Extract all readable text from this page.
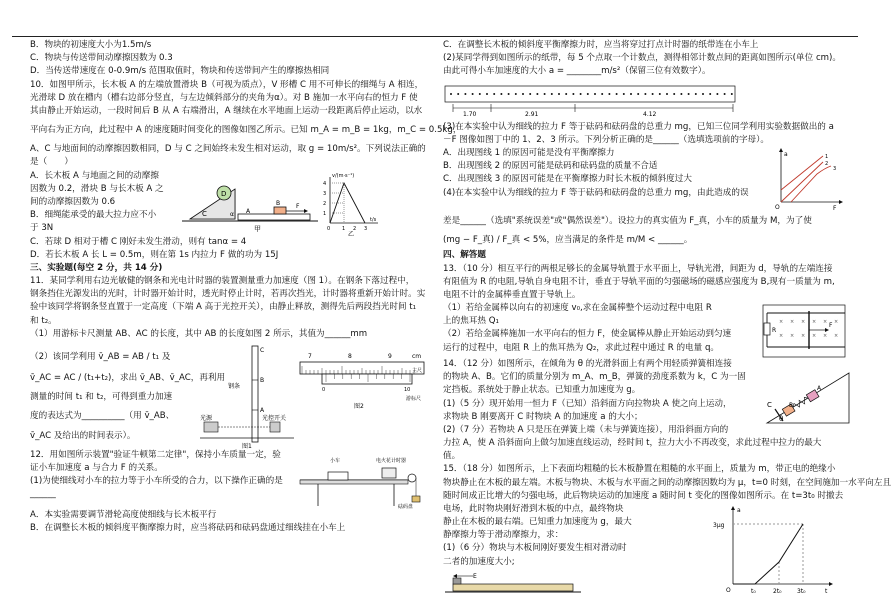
B．物块的初速度大小为1.5m/s
C．物块与传送带间动摩擦因数为 0.3
D．当传送带速度在 0-0.9m/s 范围取值时，物块和传送带间产生的摩擦热相同
10．如图甲所示，长木板 A 的左端放置滑块 B（可视为质点），V 形槽 C 用不可伸长的细绳与 A 相连，
光滑球 D 放在槽内（槽右边部分竖直，与左边倾斜部分的夹角为α）。对 B 施加一水平向右的恒力 F 使
其由静止开始运动，一段时间后 B 从 A 右端滑出，A 继续在水平地面上运动一段距离后停止运动，以水
平向右为正方向，此过程中 A 的速度随时间变化的图像如图乙所示。已知 m_A = m_B = 1kg，m_C = 0.5kg，
A、C 与地面间的动摩擦因数相同，D 与 C 之间始终未发生相对运动，取 g = 10m/s²。下列说法正确的
是（　　）
A．长木板 A 与地面之间的动摩擦
因数为 0.2，滑块 B 与长木板 A 之
间的动摩擦因数为 0.6
B．细绳能承受的最大拉力应不小
于 3N
D
C
B
A
F
α
甲
v/(m·s⁻¹)
4
3
2
1
0 1 2 3
t/s
乙
C．若球 D 相对于槽 C 刚好未发生滑动，则有 tanα = 4
D．若长木板 A 长 L = 0.5m，则在第 1s 内拉力 F 做的功为 15J
三、实验题(每空 2 分，共 14 分)
11．某同学利用右边光敏健的钢条和光电计时器的装置测量重力加速度（图 1）。在钢条下落过程中，
钢条挡住光源发出的光时，计时器开始计时，透光时停止计时，若再次挡光，计时器将重新开始计时。实
验中该同学将钢条竖直置于一定高度（下端 A 高于光控开关），由静止释放，测得先后两段挡光时间 t₁
和 t₂。
（1）用游标卡尺测量 AB、AC 的长度，其中 AB 的长度如图 2 所示，其值为______mm
（2）该同学利用 v̄_AB = AB / t₁ 及
v̄_AC = AC / (t₁+t₂)，求出 v̄_AB、v̄_AC，再利用
测量的时间 t₁ 和 t₂，可得到重力加速
度的表达式为__________（用 v̄_AB、
v̄_AC 及给出的时间表示）。
C
B
A
钢条
光源	光控开关
图1
7	8	9	cm
0	10
游标尺
主尺
图2
12．用如图所示装置"验证牛顿第二定律"，保持小车质量一定，验
证小车加速度 a 与合力 F 的关系。
(1)为使细线对小车的拉力等于小车所受的合力，以下操作正确的是
______
小车	电火花计时器
砝码盘
A．本实验需要调节滑轮高度使细线与长木板平行
B．在调整长木板的倾斜度平衡摩擦力时，应当将砝码和砝码盘通过细线挂在小车上
C．在调整长木板的倾斜度平衡摩擦力时，应当将穿过打点计时器的纸带连在小车上
(2)某同学得到如图所示的纸带，每 5 个点取一个计数点，测得相邻计数点间的距离如图所示(单位 cm)。
由此可得小车加速度的大小 a = ________m/s²（保留三位有效数字）。
1.70	2.91	4.12
(3)在本实验中认为细线的拉力 F 等于砝码和砝码盘的总重力 mg，已知三位同学利用实验数据做出的 a
－F 图像如图丁中的 1、2、3 所示。下列分析正确的是______（选填选项前的字母）。
A．出现图线 1 的原因可能是没有平衡摩擦力
B．出现图线 2 的原因可能是砝码和砝码盘的质量不合适
C．出现图线 3 的原因可能是在平衡摩擦力时长木板的倾斜度过大
(4)在本实验中认为细线的拉力 F 等于砝码和砝码盘的总重力 mg，由此造成的误
1
2
3
a
F
O
差是______（选填"系统误差"或"偶然误差"）。设拉力的真实值为 F_真，小车的质量为 M，为了使
(mg − F_真) / F_真 < 5%，应当满足的条件是 m/M < ______。
四、解答题
13．（10 分）相互平行的两根足够长的金属导轨置于水平面上，导轨光滑，间距为 d，导轨的左端连接
有阻值为 R 的电阻,导轨自身电阻不计，垂直于导轨平面的匀强磁场的磁感应强度为 B,现有一质量为 m,
电阻不计的金属棒垂直置于导轨上。
（1）若给金属棒以向右的初速度 v₀,求在金属棒整个运动过程中电阻 R
上的焦耳热 Q₁
（2）若给金属棒施加一水平向右的恒力 F，使金属棒从静止开始运动到匀速
运行的过程中，电阻 R 上的焦耳热为 Q₂，求此过程中通过 R 的电量 q。
× × × × × ×
× × × × × ×
R
F
14．（12 分）如图所示，在倾角为 θ 的光滑斜面上有两个用轻质弹簧相连接
的物块 A、B。它们的质量分别为 m_A、m_B，弹簧的劲度系数为 k，C 为一固
定挡板。系统处于静止状态。已知重力加速度为 g。
(1)（5 分）现开始用一恒力 F（已知）沿斜面方向拉物块 A 使之向上运动，
求物块 B 刚要离开 C 时物块 A 的加速度 a 的大小；
(2)（7 分）若物块 A 只是压在弹簧上端（未与弹簧连接），用沿斜面方向的
C	B
A
θ
力拉 A，使 A 沿斜面向上做匀加速直线运动，经时间 t，拉力大小不再改变，求此过程中拉力的最大
值。
15．（18 分）如图所示，上下表面均粗糙的长木板静置在粗糙的水平面上，质量为 m，带正电的绝缘小
物块静止在木板的最左端。木板与物块、木板与水平面之间的动摩擦因数均为 μ，t=0 时刻，在空间施加一水平向左且
随时间成正比增大的匀强电场，此后物块运动的加速度 a 随时间 t 变化的图像如图所示。在 t=3t₀ 时撤去
电场，此时物块刚好滑到木板的中点，最终物块
静止在木板的最右端。已知重力加速度为 g，最大
静摩擦力等于滑动摩擦力，求：
(1)（6 分）物块与木板间刚好要发生相对滑动时
二者的加速度大小;
E
a
t
O
3μg
t₀	2t₀	3t₀
